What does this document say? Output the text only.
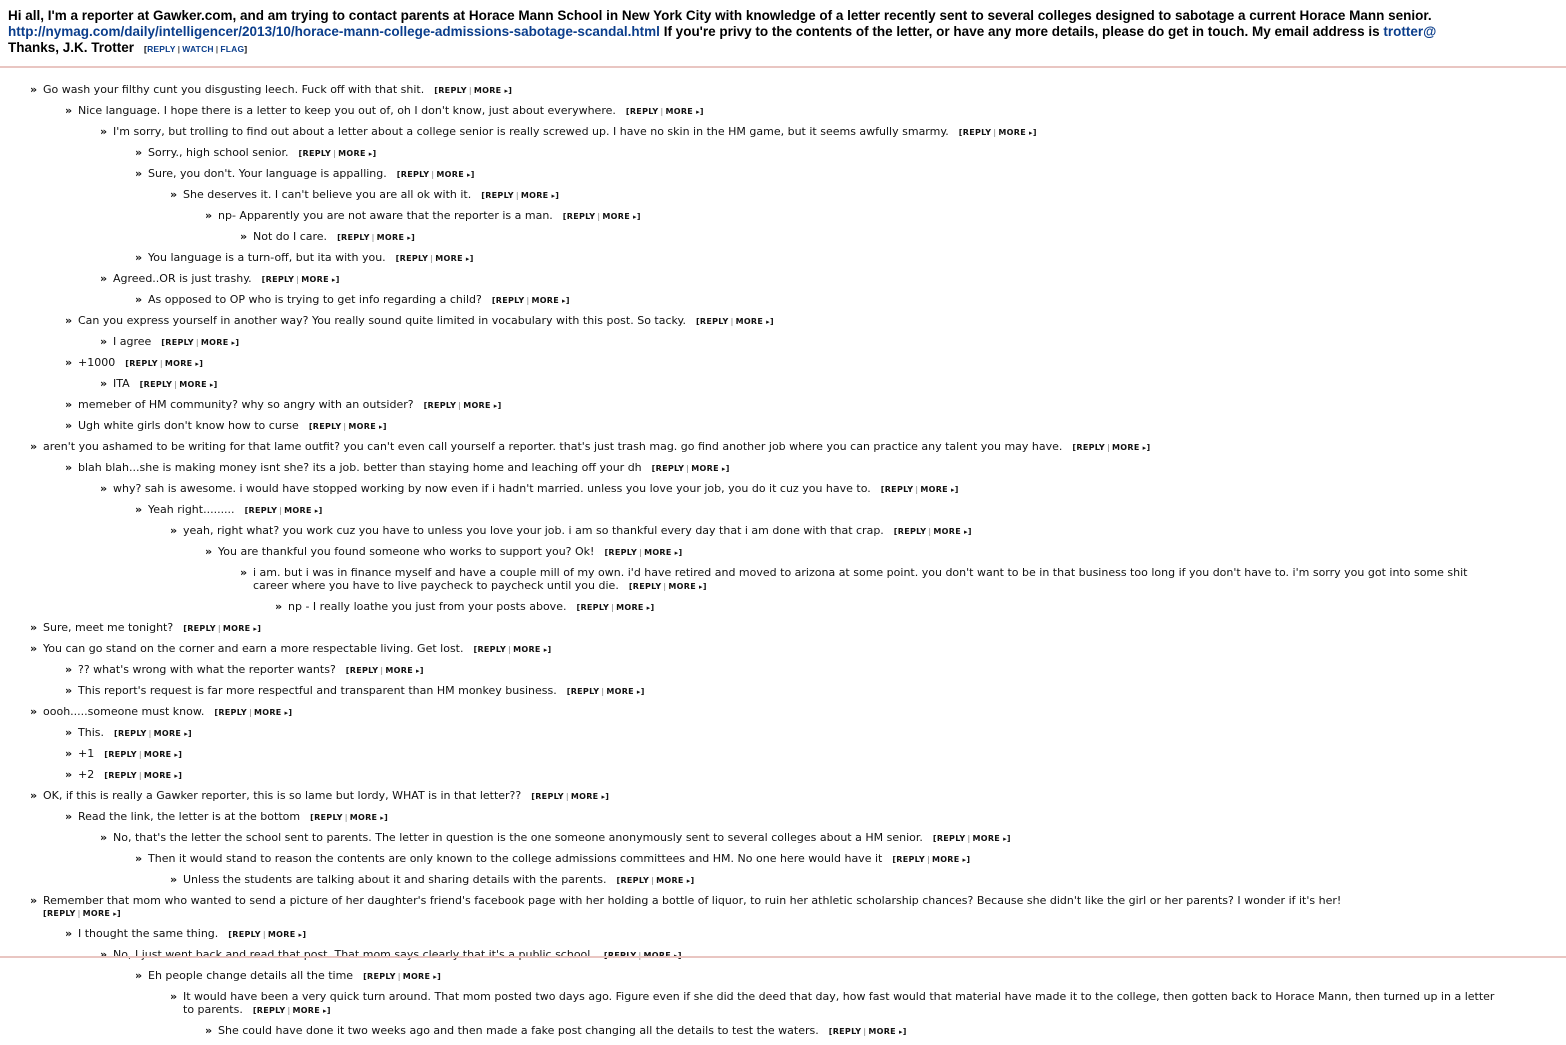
Hi all, I'm a reporter at Gawker.com, and am trying to contact parents at Horace Mann School in New York City with knowledge of a letter recently sent to several colleges designed to sabotage a current Horace Mann senior.
http://nymag.com/daily/intelligencer/2013/10/horace-mann-college-admissions-sabotage-scandal.html If you're privy to the contents of the letter, or have any more details, please do get in touch. My email address is trotter@
Thanks, J.K. Trotter [REPLY | WATCH | FLAG]
» Go wash your filthy cunt you disgusting leech. Fuck off with that shit. [REPLY | MORE ▸]
» Nice language. I hope there is a letter to keep you out of, oh I don't know, just about everywhere. [REPLY | MORE ▸]
» I'm sorry, but trolling to find out about a letter about a college senior is really screwed up. I have no skin in the HM game, but it seems awfully smarmy. [REPLY | MORE ▸]
» Sorry., high school senior. [REPLY | MORE ▸]
» Sure, you don't. Your language is appalling. [REPLY | MORE ▸]
» She deserves it. I can't believe you are all ok with it. [REPLY | MORE ▸]
» np- Apparently you are not aware that the reporter is a man. [REPLY | MORE ▸]
» Not do I care. [REPLY | MORE ▸]
» You language is a turn-off, but ita with you. [REPLY | MORE ▸]
» Agreed..OR is just trashy. [REPLY | MORE ▸]
» As opposed to OP who is trying to get info regarding a child? [REPLY | MORE ▸]
» Can you express yourself in another way? You really sound quite limited in vocabulary with this post. So tacky. [REPLY | MORE ▸]
» I agree [REPLY | MORE ▸]
» +1000 [REPLY | MORE ▸]
» ITA [REPLY | MORE ▸]
» memeber of HM community? why so angry with an outsider? [REPLY | MORE ▸]
» Ugh white girls don't know how to curse [REPLY | MORE ▸]
» aren't you ashamed to be writing for that lame outfit? you can't even call yourself a reporter. that's just trash mag. go find another job where you can practice any talent you may have. [REPLY | MORE ▸]
» blah blah...she is making money isnt she? its a job. better than staying home and leaching off your dh [REPLY | MORE ▸]
» why? sah is awesome. i would have stopped working by now even if i hadn't married. unless you love your job, you do it cuz you have to. [REPLY | MORE ▸]
» Yeah right......... [REPLY | MORE ▸]
» yeah, right what? you work cuz you have to unless you love your job. i am so thankful every day that i am done with that crap. [REPLY | MORE ▸]
» You are thankful you found someone who works to support you? Ok! [REPLY | MORE ▸]
» i am. but i was in finance myself and have a couple mill of my own. i'd have retired and moved to arizona at some point. you don't want to be in that business too long if you don't have to. i'm sorry you got into some shit career where you have to live paycheck to paycheck until you die. [REPLY | MORE ▸]
» np - I really loathe you just from your posts above. [REPLY | MORE ▸]
» Sure, meet me tonight? [REPLY | MORE ▸]
» You can go stand on the corner and earn a more respectable living. Get lost. [REPLY | MORE ▸]
» ?? what's wrong with what the reporter wants? [REPLY | MORE ▸]
» This report's request is far more respectful and transparent than HM monkey business. [REPLY | MORE ▸]
» oooh.....someone must know. [REPLY | MORE ▸]
» This. [REPLY | MORE ▸]
» +1 [REPLY | MORE ▸]
» +2 [REPLY | MORE ▸]
» OK, if this is really a Gawker reporter, this is so lame but lordy, WHAT is in that letter?? [REPLY | MORE ▸]
» Read the link, the letter is at the bottom [REPLY | MORE ▸]
» No, that's the letter the school sent to parents. The letter in question is the one someone anonymously sent to several colleges about a HM senior. [REPLY | MORE ▸]
» Then it would stand to reason the contents are only known to the college admissions committees and HM. No one here would have it [REPLY | MORE ▸]
» Unless the students are talking about it and sharing details with the parents. [REPLY | MORE ▸]
» Remember that mom who wanted to send a picture of her daughter's friend's facebook page with her holding a bottle of liquor, to ruin her athletic scholarship chances? Because she didn't like the girl or her parents? I wonder if it's her!
[REPLY | MORE ▸]
» I thought the same thing. [REPLY | MORE ▸]
» No, I just went back and read that post. That mom says clearly that it's a public school. [REPLY | MORE ▸]
» Eh people change details all the time [REPLY | MORE ▸]
» It would have been a very quick turn around. That mom posted two days ago. Figure even if she did the deed that day, how fast would that material have made it to the college, then gotten back to Horace Mann, then turned up in a letter to parents. [REPLY | MORE ▸]
» She could have done it two weeks ago and then made a fake post changing all the details to test the waters. [REPLY | MORE ▸]
